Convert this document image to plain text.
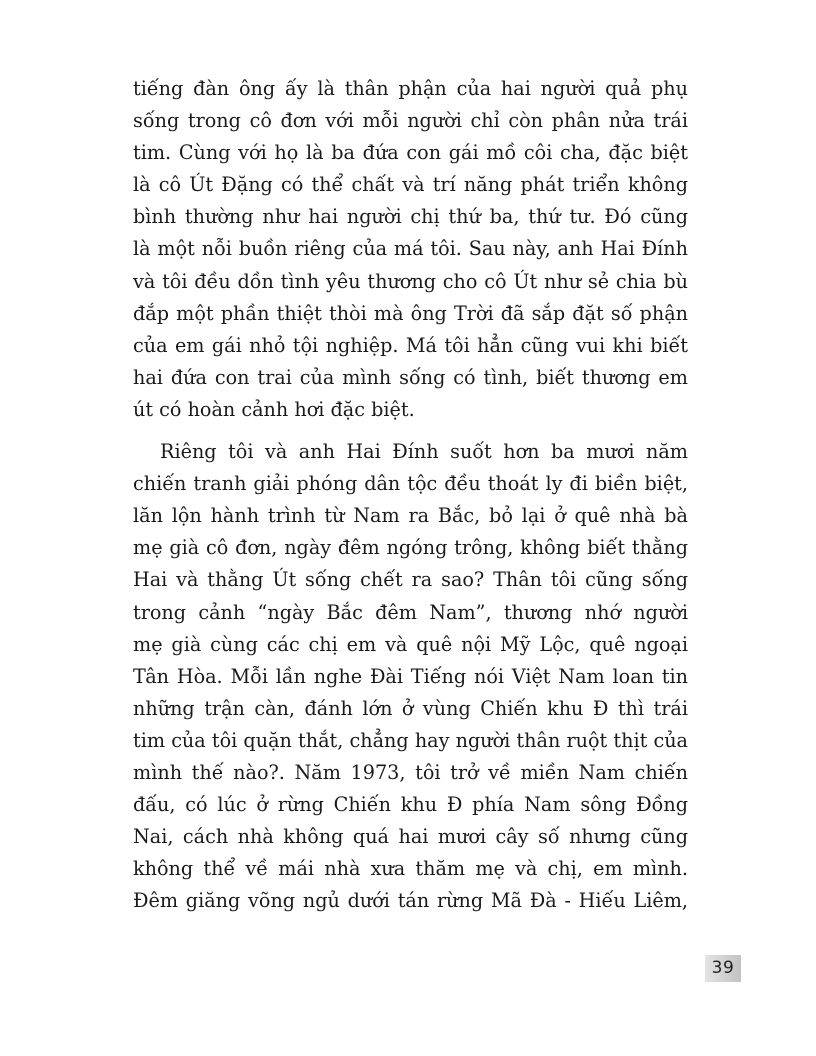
tiếng đàn ông ấy là thân phận của hai người quả phụ
sống trong cô đơn với mỗi người chỉ còn phân nửa trái
tim. Cùng với họ là ba đứa con gái mồ côi cha, đặc biệt
là cô Út Đặng có thể chất và trí năng phát triển không
bình thường như hai người chị thứ ba, thứ tư. Đó cũng
là một nỗi buồn riêng của má tôi. Sau này, anh Hai Đính
và tôi đều dồn tình yêu thương cho cô Út như sẻ chia bù
đắp một phần thiệt thòi mà ông Trời đã sắp đặt số phận
của em gái nhỏ tội nghiệp. Má tôi hẳn cũng vui khi biết
hai đứa con trai của mình sống có tình, biết thương em
út có hoàn cảnh hơi đặc biệt.

Riêng tôi và anh Hai Đính suốt hơn ba mươi năm
chiến tranh giải phóng dân tộc đều thoát ly đi biền biệt,
lăn lộn hành trình từ Nam ra Bắc, bỏ lại ở quê nhà bà
mẹ già cô đơn, ngày đêm ngóng trông, không biết thằng
Hai và thằng Út sống chết ra sao? Thân tôi cũng sống
trong cảnh “ngày Bắc đêm Nam”, thương nhớ người
mẹ già cùng các chị em và quê nội Mỹ Lộc, quê ngoại
Tân Hòa. Mỗi lần nghe Đài Tiếng nói Việt Nam loan tin
những trận càn, đánh lớn ở vùng Chiến khu Đ thì trái
tim của tôi quặn thắt, chẳng hay người thân ruột thịt của
mình thế nào?. Năm 1973, tôi trở về miền Nam chiến
đấu, có lúc ở rừng Chiến khu Đ phía Nam sông Đồng
Nai, cách nhà không quá hai mươi cây số nhưng cũng
không thể về mái nhà xưa thăm mẹ và chị, em mình.
Đêm giăng võng ngủ dưới tán rừng Mã Đà - Hiếu Liêm,

39
